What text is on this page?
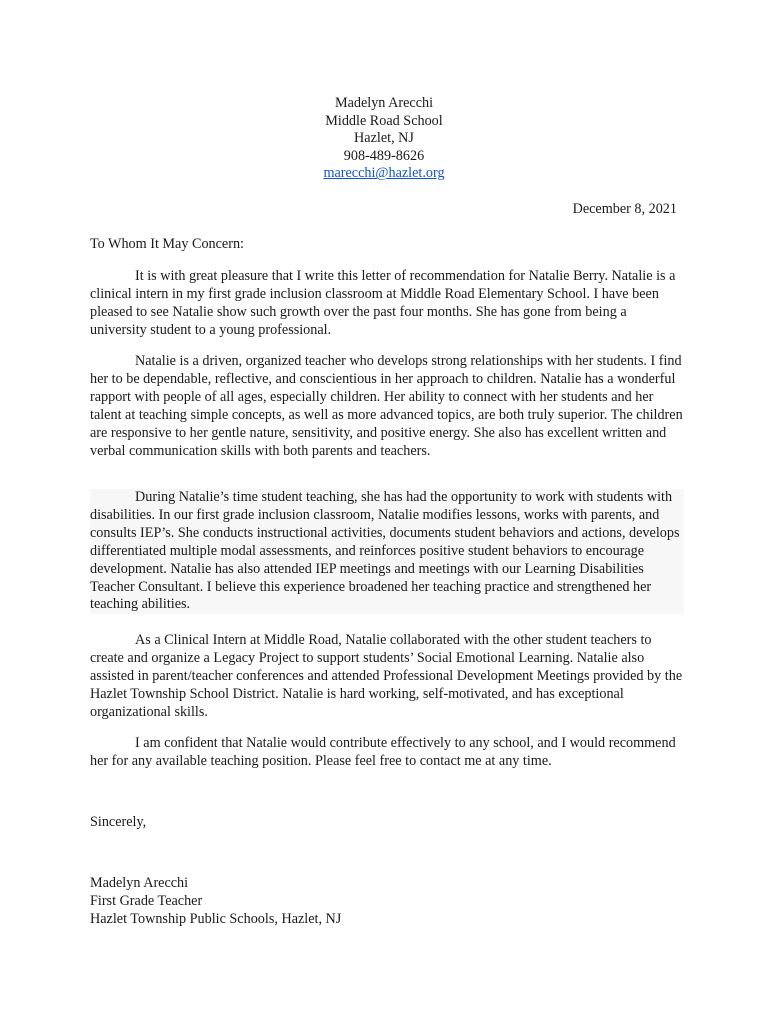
Madelyn Arecchi
Middle Road School
Hazlet, NJ
908-489-8626
marecchi@hazlet.org
December 8, 2021
To Whom It May Concern:
It is with great pleasure that I write this letter of recommendation for Natalie Berry. Natalie is a clinical intern in my first grade inclusion classroom at Middle Road Elementary School. I have been pleased to see Natalie show such growth over the past four months. She has gone from being a university student to a young professional.
Natalie is a driven, organized teacher who develops strong relationships with her students. I find her to be dependable, reflective, and conscientious in her approach to children. Natalie has a wonderful rapport with people of all ages, especially children. Her ability to connect with her students and her talent at teaching simple concepts, as well as more advanced topics, are both truly superior. The children are responsive to her gentle nature, sensitivity, and positive energy. She also has excellent written and verbal communication skills with both parents and teachers.
During Natalie’s time student teaching, she has had the opportunity to work with students with disabilities. In our first grade inclusion classroom, Natalie modifies lessons, works with parents, and consults IEP’s. She conducts instructional activities, documents student behaviors and actions, develops differentiated multiple modal assessments, and reinforces positive student behaviors to encourage development. Natalie has also attended IEP meetings and meetings with our Learning Disabilities Teacher Consultant. I believe this experience broadened her teaching practice and strengthened her teaching abilities.
As a Clinical Intern at Middle Road, Natalie collaborated with the other student teachers to create and organize a Legacy Project to support students’ Social Emotional Learning. Natalie also assisted in parent/teacher conferences and attended Professional Development Meetings provided by the Hazlet Township School District. Natalie is hard working, self-motivated, and has exceptional organizational skills.
I am confident that Natalie would contribute effectively to any school, and I would recommend her for any available teaching position. Please feel free to contact me at any time.
Sincerely,
Madelyn Arecchi
First Grade Teacher
Hazlet Township Public Schools, Hazlet, NJ
